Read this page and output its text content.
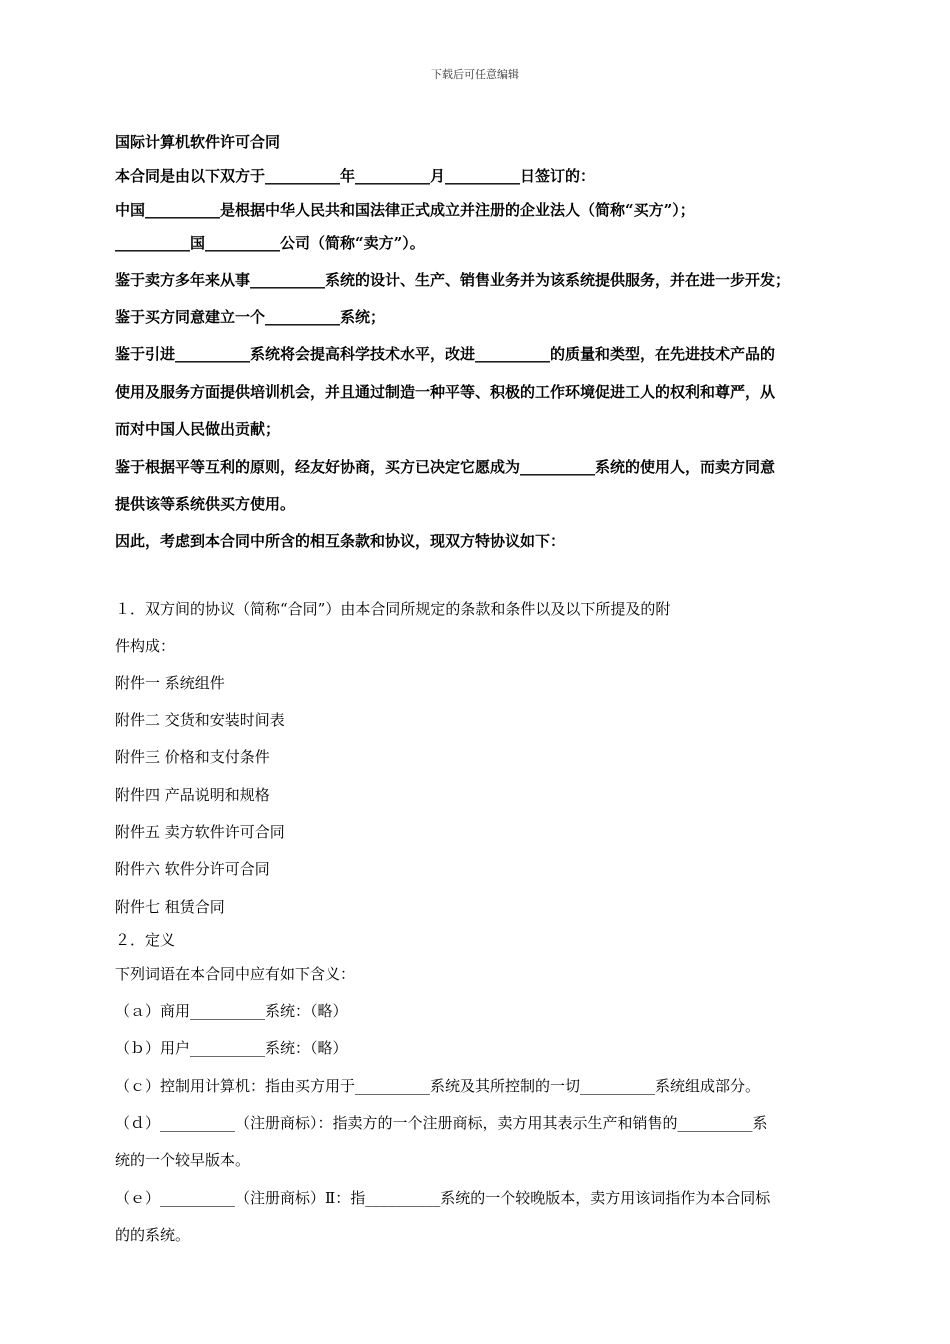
下载后可任意编辑
国际计算机软件许可合同
本合同是由以下双方于__________年__________月__________日签订的：
中国__________是根据中华人民共和国法律正式成立并注册的企业法人（简称“买方”）；
__________国__________公司（简称“卖方”）。
鉴于卖方多年来从事__________系统的设计、生产、销售业务并为该系统提供服务，并在进一步开发；
鉴于买方同意建立一个__________系统；
鉴于引进__________系统将会提高科学技术水平，改进__________的质量和类型，在先进技术产品的
使用及服务方面提供培训机会，并且通过制造一种平等、积极的工作环境促进工人的权利和尊严，从
而对中国人民做出贡献；
鉴于根据平等互利的原则，经友好协商，买方已决定它愿成为__________系统的使用人，而卖方同意
提供该等系统供买方使用。
因此，考虑到本合同中所含的相互条款和协议，现双方特协议如下：
１．双方间的协议（简称“合同”）由本合同所规定的条款和条件以及以下所提及的附
件构成：
附件一 系统组件
附件二 交货和安装时间表
附件三 价格和支付条件
附件四 产品说明和规格
附件五 卖方软件许可合同
附件六 软件分许可合同
附件七 租赁合同
２．定义
下列词语在本合同中应有如下含义：
（ａ）商用__________系统：（略）
（ｂ）用户__________系统：（略）
（ｃ）控制用计算机：指由买方用于__________系统及其所控制的一切__________系统组成部分。
（ｄ）__________（注册商标）：指卖方的一个注册商标，卖方用其表示生产和销售的__________系
统的一个较早版本。
（ｅ）__________（注册商标）Ⅱ：指__________系统的一个较晚版本，卖方用该词指作为本合同标
的的系统。
